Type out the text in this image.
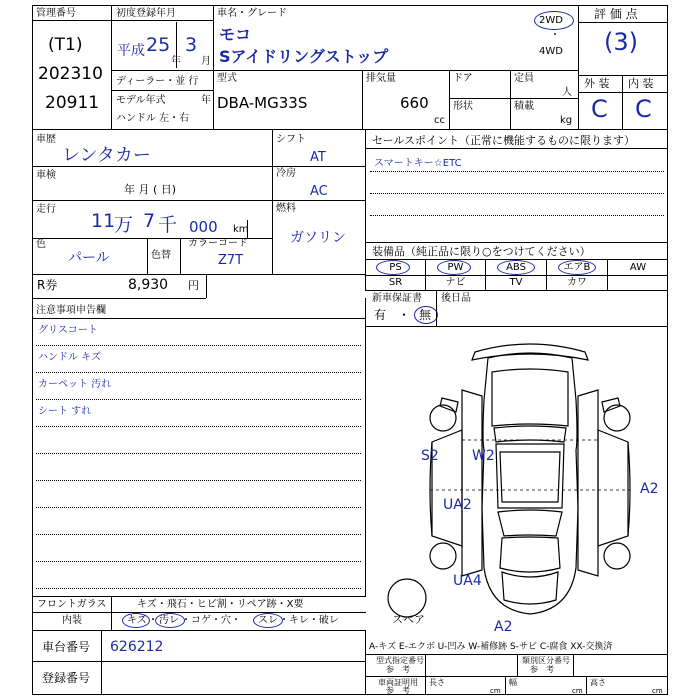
管理番号
(T1)
202310
20911
初度登録年月
平成 25
年
3
月
ディーラー・並 行
モデル年式	年
ハンドル 左・右
車名・グレード
モコ
Sアイドリングストップ
2WD
・
4WD
型式
DBA-MG33S
排気量
660
cc
ドア	定員
人
形状	積載
kg
評 価 点
(3)
外 装 内 装
C C
車歴
レンタカー
車検
年 月 ( 日)
走行
11
万 7 千 000 km
色
パール	色替
カラーコード
Z7T
シフト
AT
冷房
AC
燃料
ガソリン
R券	8,930 円
セールスポイント（正常に機能するものに限ります）
スマートキー☆ETC
装備品（純正品に限り○をつけてください）
PS	PW	ABS	エアB	AW
SR	ナビ	TV	カワ
新車保証書
有 ・ 無
後日品
注意事項申告欄
グリスコート
ハンドル キズ
カーペット 汚れ
シート すれ
S2 W2
A2
UA2
UA4
A2
スペア
フロントガラス	キズ・飛石・ヒビ割・リペア跡・X要
内装	キズ ・ 汚レ ・コゲ・穴・ スレ ・キレ・破レ
車台番号 626212
登録番号
A-キズ E-エクボ U-凹み W-補修跡 S-サビ C-腐食 XX-交換済
型式指定番号
参　考
類別区分番号
参　考
車両証明用
参　考
長さ
cm
幅
cm
高さ
cm
